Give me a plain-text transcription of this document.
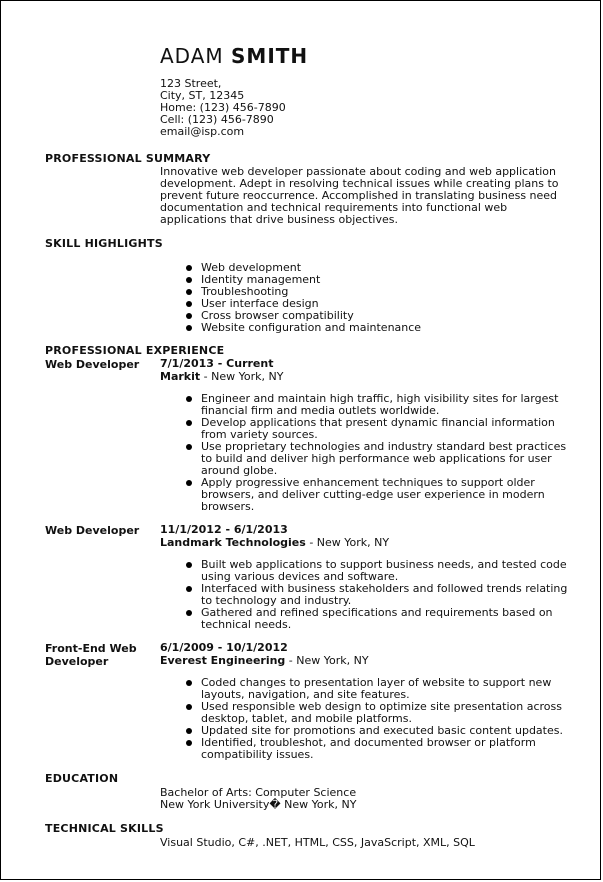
ADAM SMITH
123 Street,
City, ST, 12345
Home: (123) 456-7890
Cell: (123) 456-7890
email@isp.com
PROFESSIONAL SUMMARY
Innovative web developer passionate about coding and web application development. Adept in resolving technical issues while creating plans to prevent future reoccurrence. Accomplished in translating business need documentation and technical requirements into functional web applications that drive business objectives.
SKILL HIGHLIGHTS
Web development
Identity management
Troubleshooting
User interface design
Cross browser compatibility
Website configuration and maintenance
PROFESSIONAL EXPERIENCE
Web Developer 7/1/2013 - Current
Markit - New York, NY
Engineer and maintain high traffic, high visibility sites for largest financial firm and media outlets worldwide.
Develop applications that present dynamic financial information from variety sources.
Use proprietary technologies and industry standard best practices to build and deliver high performance web applications for user around globe.
Apply progressive enhancement techniques to support older browsers, and deliver cutting-edge user experience in modern browsers.
Web Developer 11/1/2012 - 6/1/2013
Landmark Technologies - New York, NY
Built web applications to support business needs, and tested code using various devices and software.
Interfaced with business stakeholders and followed trends relating to technology and industry.
Gathered and refined specifications and requirements based on technical needs.
Front-End Web
Developer
6/1/2009 - 10/1/2012
Everest Engineering - New York, NY
Coded changes to presentation layer of website to support new layouts, navigation, and site features.
Used responsible web design to optimize site presentation across desktop, tablet, and mobile platforms.
Updated site for promotions and executed basic content updates.
Identified, troubleshot, and documented browser or platform compatibility issues.
EDUCATION
Bachelor of Arts: Computer Science
New York University� New York, NY
TECHNICAL SKILLS
Visual Studio, C#, .NET, HTML, CSS, JavaScript, XML, SQL
